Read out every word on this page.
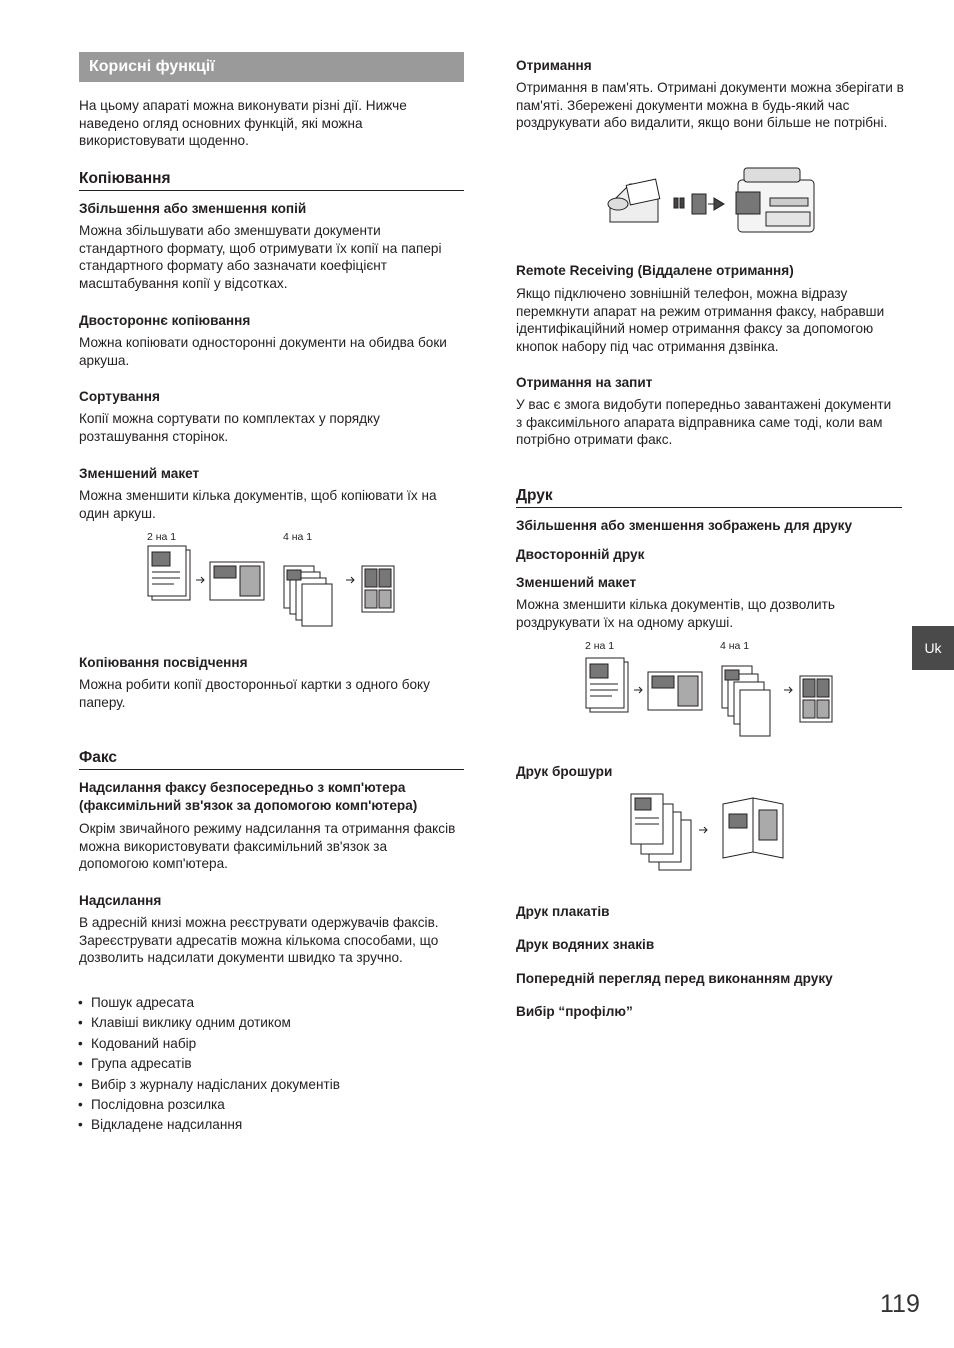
Корисні функції
На цьому апараті можна виконувати різні дії. Нижче наведено огляд основних функцій, які можна використовувати щоденно.
Копіювання
Збільшення або зменшення копій
Можна збільшувати або зменшувати документи стандартного формату, щоб отримувати їх копії на папері стандартного формату або зазначати коефіцієнт масштабування копії у відсотках.
Двостороннє копіювання
Можна копіювати односторонні документи на обидва боки аркуша.
Сортування
Копії можна сортувати по комплектах у порядку розташування сторінок.
Зменшений макет
Можна зменшити кілька документів, щоб копіювати їх на один аркуш.
2 на 1	4 на 1
Копіювання посвідчення
Можна робити копії двосторонньої картки з одного боку паперу.
Факс
Надсилання факсу безпосередньо з комп'ютера (факсимільний зв'язок за допомогою комп'ютера)
Окрім звичайного режиму надсилання та отримання факсів можна використовувати факсимільний зв'язок за допомогою комп'ютера.
Надсилання
В адресній книзі можна реєструвати одержувачів факсів. Зареєструвати адресатів можна кількома способами, що дозволить надсилати документи швидко та зручно.
• Пошук адресата
• Клавіші виклику одним дотиком
• Кодований набір
• Група адресатів
• Вибір з журналу надісланих документів
• Послідовна розсилка
• Відкладене надсилання
Отримання
Отримання в пам'ять. Отримані документи можна зберігати в пам'яті. Збережені документи можна в будь-який час роздрукувати або видалити, якщо вони більше не потрібні.
Remote Receiving (Віддалене отримання)
Якщо підключено зовнішній телефон, можна відразу перемкнути апарат на режим отримання факсу, набравши ідентифікаційний номер отримання факсу за допомогою кнопок набору під час отримання дзвінка.
Отримання на запит
У вас є змога видобути попередньо завантажені документи з факсимільного апарата відправника саме тоді, коли вам потрібно отримати факс.
Друк
Збільшення або зменшення зображень для друку
Двосторонній друк
Зменшений макет
Можна зменшити кілька документів, що дозволить роздрукувати їх на одному аркуші.
2 на 1	4 на 1
Друк брошури
Друк плакатів
Друк водяних знаків
Попередній перегляд перед виконанням друку
Вибір “профілю”
Uk
119
